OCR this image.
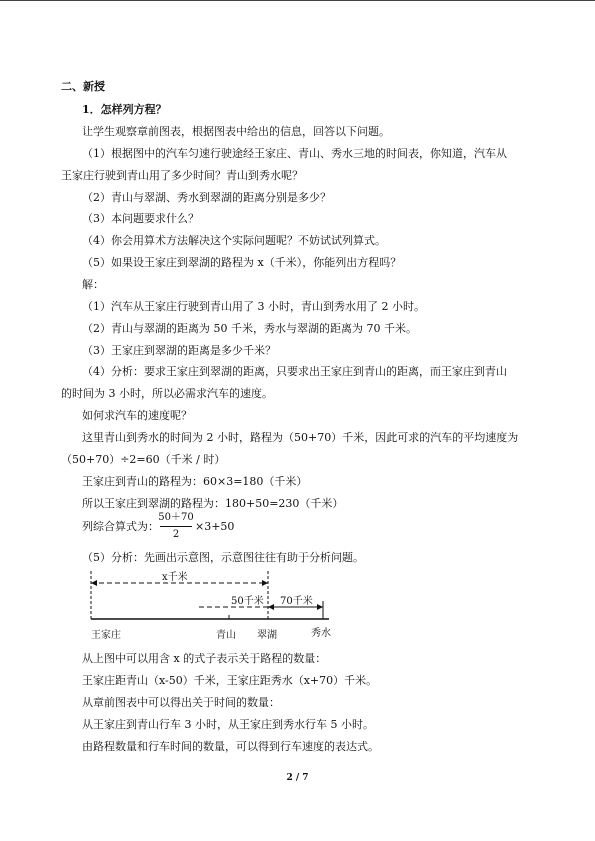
二、新授
1．怎样列方程？
让学生观察章前图表，根据图表中给出的信息，回答以下问题。
（1）根据图中的汽车匀速行驶途经王家庄、青山、秀水三地的时间表，你知道，汽车从
王家庄行驶到青山用了多少时间？青山到秀水呢？
（2）青山与翠湖、秀水到翠湖的距离分别是多少？
（3）本问题要求什么？
（4）你会用算术方法解决这个实际问题呢？不妨试试列算式。
（5）如果设王家庄到翠湖的路程为 x（千米），你能列出方程吗？
解：
（1）汽车从王家庄行驶到青山用了 3 小时，青山到秀水用了 2 小时。
（2）青山与翠湖的距离为 50 千米，秀水与翠湖的距离为 70 千米。
（3）王家庄到翠湖的距离是多少千米？
（4）分析：要求王家庄到翠湖的距离，只要求出王家庄到青山的距离，而王家庄到青山
的时间为 3 小时，所以必需求汽车的速度。
如何求汽车的速度呢？
这里青山到秀水的时间为 2 小时，路程为（50+70）千米，因此可求的汽车的平均速度为
（50+70）÷2=60（千米 / 时）
王家庄到青山的路程为：60×3=180（千米）
所以王家庄到翠湖的路程为：180+50=230（千米）
列综合算式为：
50＋70
2
×3+50
（5）分析：先画出示意图，示意图往往有助于分析问题。
x千米
50千米 70千米
王家庄	青山 翠湖	秀水
从上图中可以用含 x 的式子表示关于路程的数量：
王家庄距青山（x-50）千米，王家庄距秀水（x+70）千米。
从章前图表中可以得出关于时间的数量：
从王家庄到青山行车 3 小时，从王家庄到秀水行车 5 小时。
由路程数量和行车时间的数量，可以得到行车速度的表达式。
2 / 7
